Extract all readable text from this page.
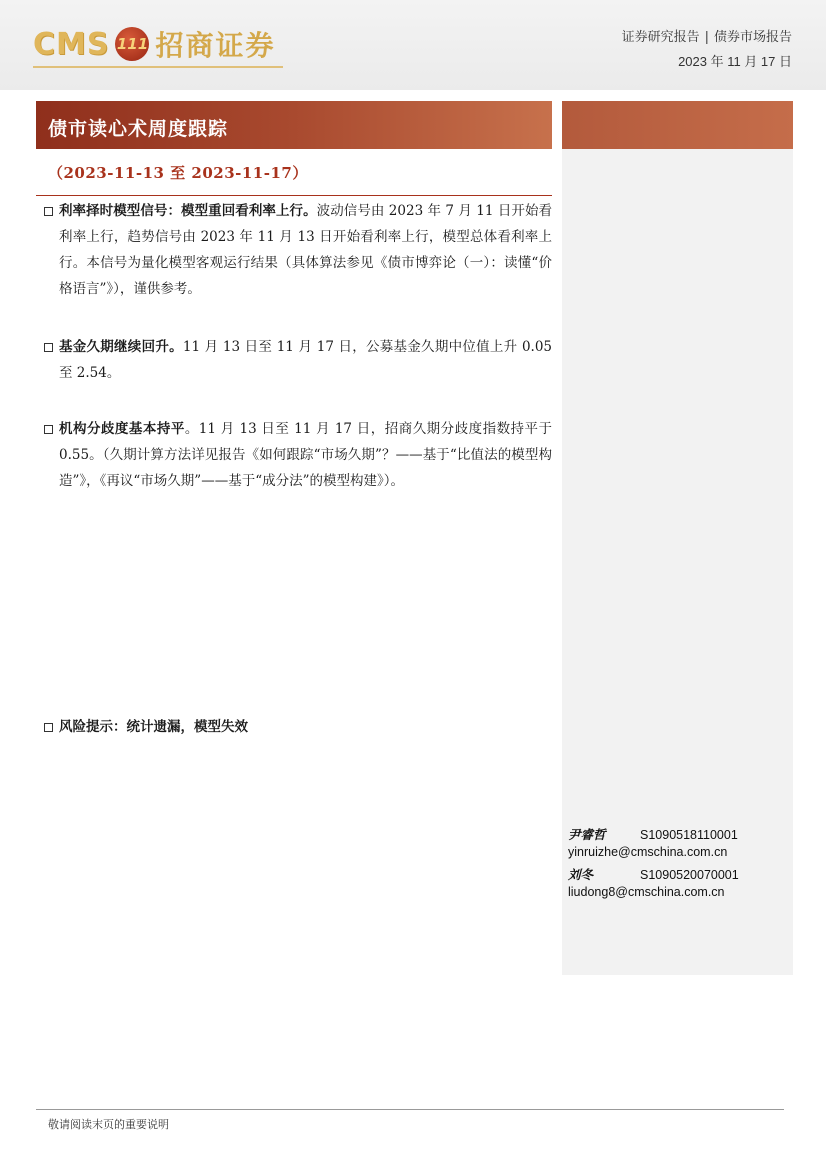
CMS 111 招商证券	证券研究报告 | 债券市场报告
2023 年 11 月 17 日
债市读心术周度跟踪
（2023-11-13 至 2023-11-17）
利率择时模型信号：模型重回看利率上行。波动信号由 2023 年 7 月 11 日开始看利率上行，趋势信号由 2023 年 11 月 13 日开始看利率上行，模型总体看利率上行。本信号为量化模型客观运行结果（具体算法参见《债市博弈论（一）：读懂“价格语言”》），谨供参考。
基金久期继续回升。11 月 13 日至 11 月 17 日，公募基金久期中位值上升 0.05 至 2.54。
机构分歧度基本持平。11 月 13 日至 11 月 17 日，招商久期分歧度指数持平于 0.55。（久期计算方法详见报告《如何跟踪“市场久期”？——基于“比值法的模型构造”》，《再议“市场久期”——基于“成分法”的模型构建》）。
风险提示：统计遗漏，模型失效
尹睿哲	S1090518110001
yinruizhe@cmschina.com.cn
刘冬	S1090520070001
liudong8@cmschina.com.cn
敬请阅读末页的重要说明
